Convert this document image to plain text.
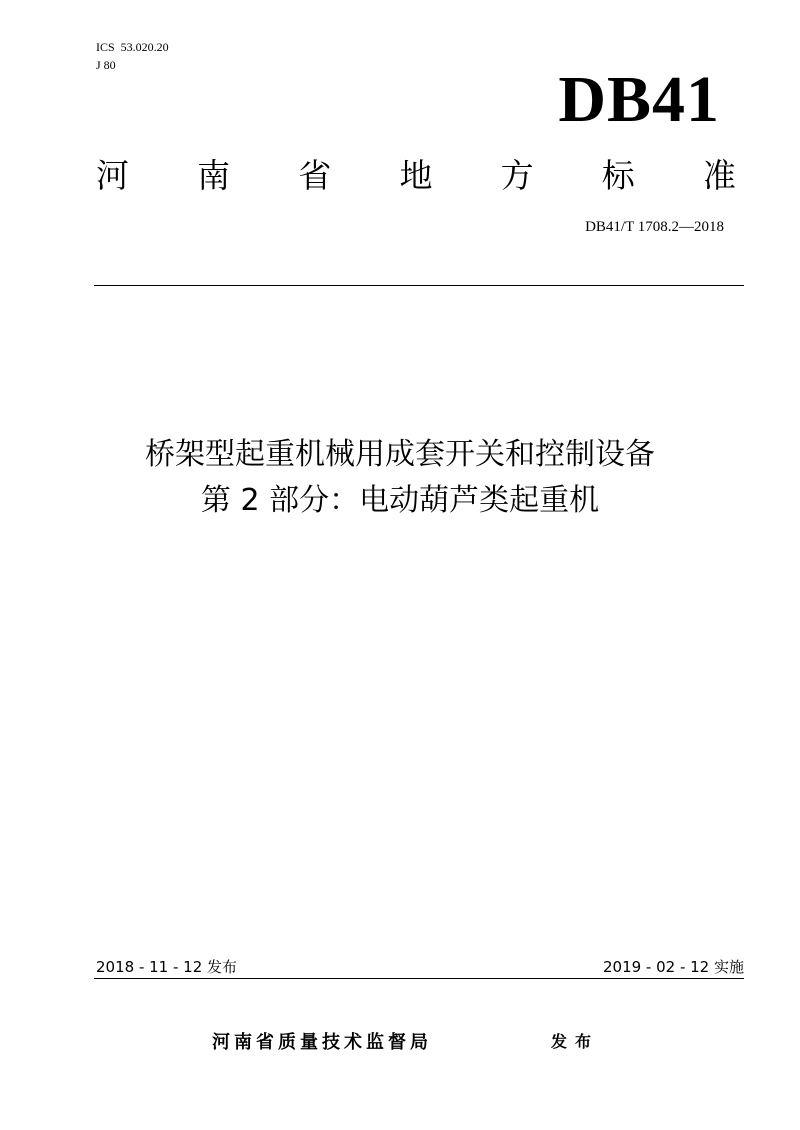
ICS  53.020.20
J 80	DB41
河 南 省 地 方 标 准
DB41/T 1708.2—2018
桥架型起重机械用成套开关和控制设备
第 2 部分：电动葫芦类起重机
2018 - 11 - 12 发布	2019 - 02 - 12 实施
河南省质量技术监督局	发布
